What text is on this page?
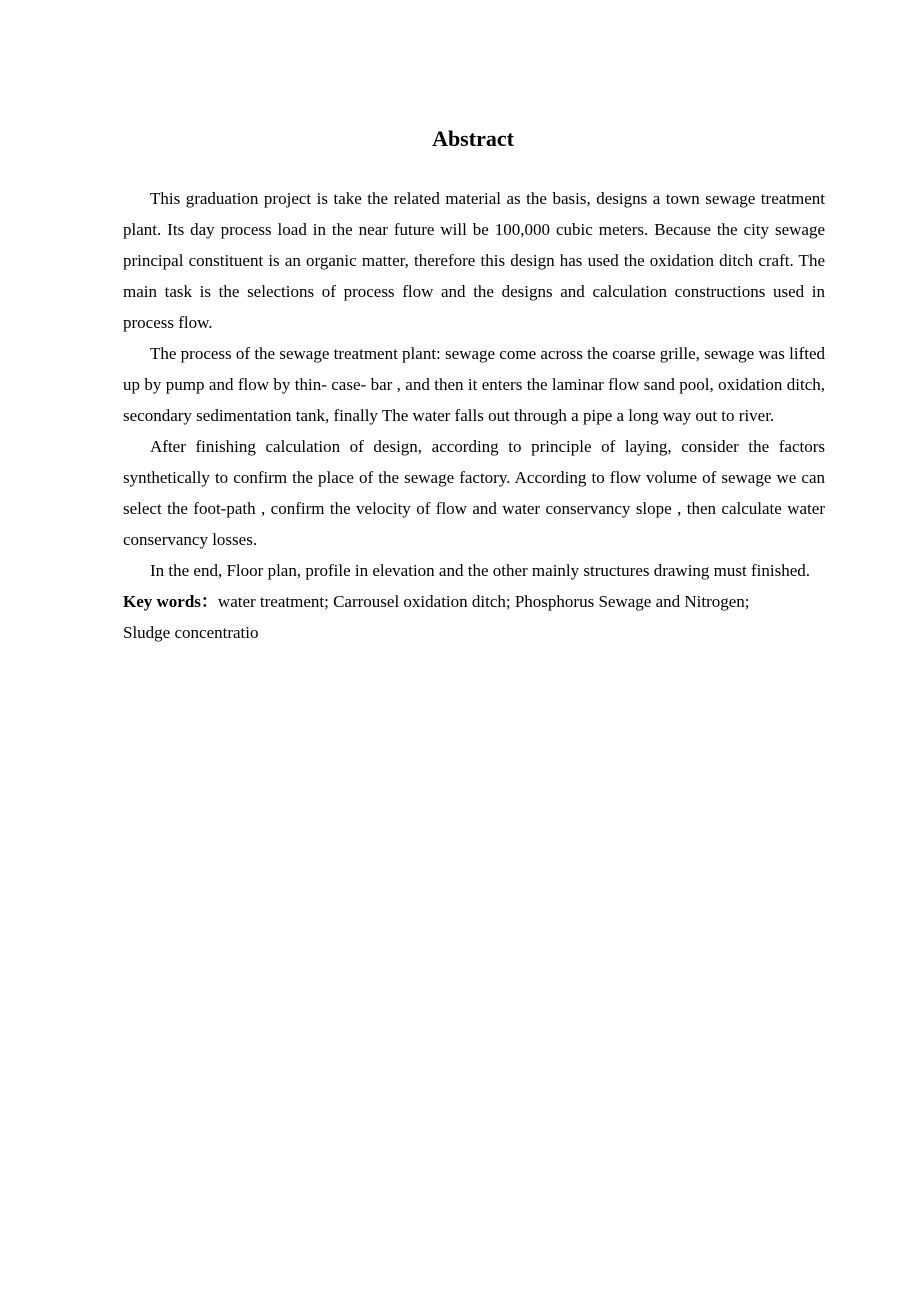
Abstract

This graduation project is take the related material as the basis, designs a town sewage treatment plant. Its day process load in the near future will be 100,000 cubic meters. Because the city sewage principal constituent is an organic matter, therefore this design has used the oxidation ditch craft. The main task is the selections of process flow and the designs and calculation constructions used in process flow.

The process of the sewage treatment plant: sewage come across the coarse grille, sewage was lifted up by pump and flow by thin- case- bar , and then it enters the laminar flow sand pool, oxidation ditch, secondary sedimentation tank, finally The water falls out through a pipe a long way out to river.

After finishing calculation of design, according to principle of laying, consider the factors synthetically to confirm the place of the sewage factory. According to flow volume of sewage we can select the foot-path , confirm the velocity of flow and water conservancy slope , then calculate water conservancy losses.

In the end, Floor plan, profile in elevation and the other mainly structures drawing must finished.

Key words：water treatment; Carrousel oxidation ditch; Phosphorus Sewage and Nitrogen;

Sludge concentratio
